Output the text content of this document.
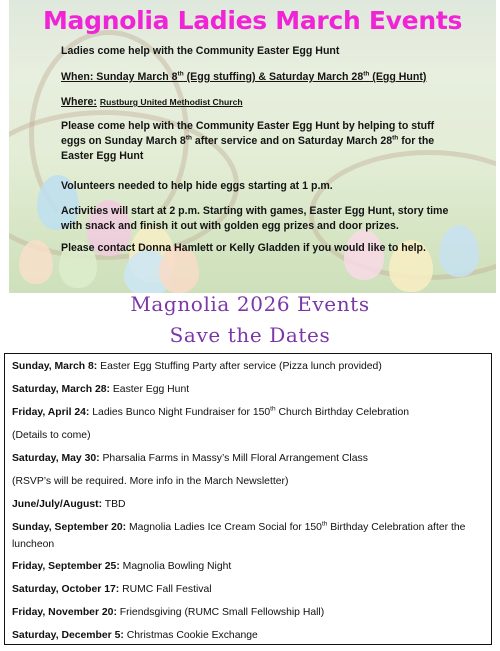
Magnolia Ladies March Events
Ladies come help with the Community Easter Egg Hunt
When: Sunday March 8th (Egg stuffing) & Saturday March 28th (Egg Hunt)
Where: Rustburg United Methodist Church
Please come help with the Community Easter Egg Hunt by helping to stuff eggs on Sunday March 8th after service and on Saturday March 28th for the Easter Egg Hunt
Volunteers needed to help hide eggs starting at 1 p.m.
Activities will start at 2 p.m. Starting with games, Easter Egg Hunt, story time with snack and finish it out with golden egg prizes and door prizes.
Please contact Donna Hamlett or Kelly Gladden if you would like to help.
Magnolia 2026 Events
Save the Dates
Sunday, March 8: Easter Egg Stuffing Party after service (Pizza lunch provided)
Saturday, March 28: Easter Egg Hunt
Friday, April 24: Ladies Bunco Night Fundraiser for 150th Church Birthday Celebration
(Details to come)
Saturday, May 30: Pharsalia Farms in Massy’s Mill Floral Arrangement Class
(RSVP’s will be required. More info in the March Newsletter)
June/July/August: TBD
Sunday, September 20: Magnolia Ladies Ice Cream Social for 150th Birthday Celebration after the luncheon
Friday, September 25: Magnolia Bowling Night
Saturday, October 17: RUMC Fall Festival
Friday, November 20: Friendsgiving (RUMC Small Fellowship Hall)
Saturday, December 5: Christmas Cookie Exchange
